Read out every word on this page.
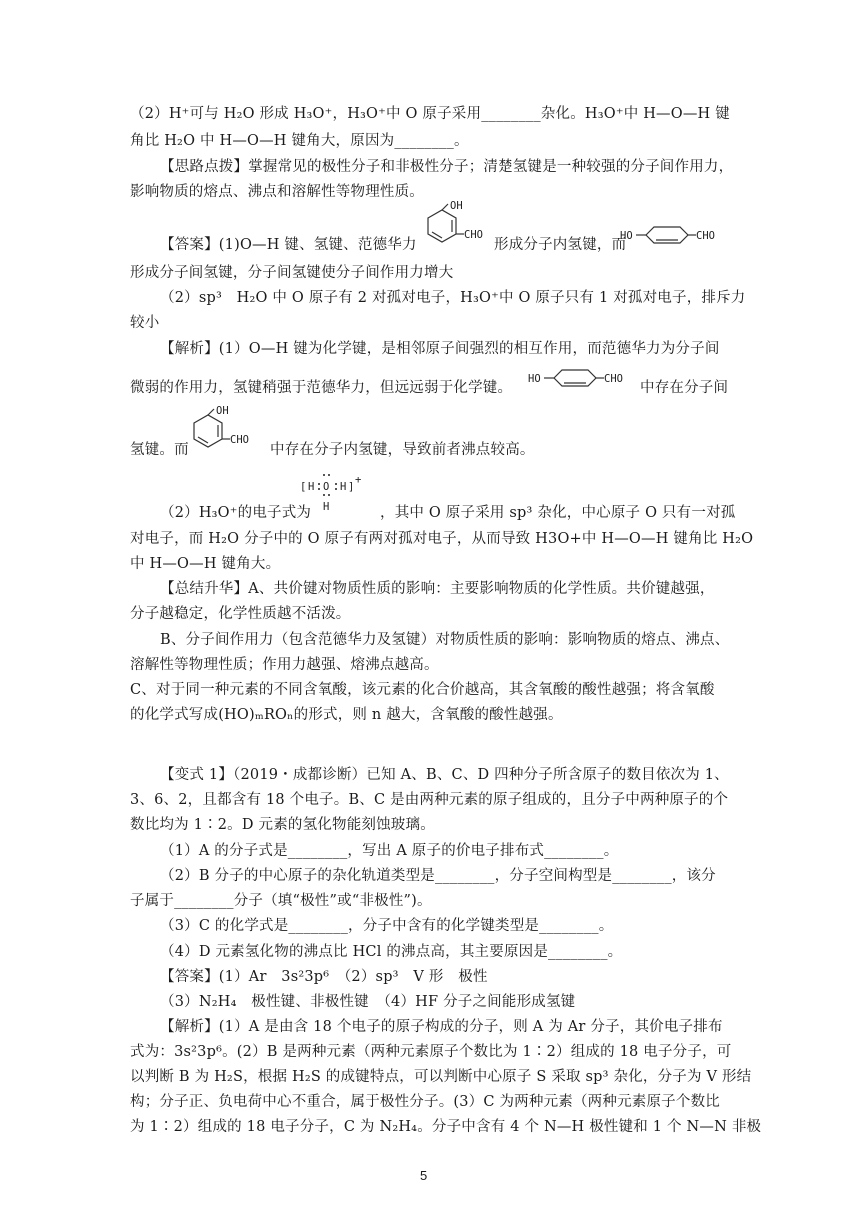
（2）H⁺可与 H₂O 形成 H₃O⁺，H₃O⁺中 O 原子采用________杂化。H₃O⁺中 H—O—H 键
角比 H₂O 中 H—O—H 键角大，原因为________。
【思路点拨】掌握常见的极性分子和非极性分子；清楚氢键是一种较强的分子间作用力，
影响物质的熔点、沸点和溶解性等物理性质。
【答案】(1)O—H 键、氢键、范德华力
OH
CHO
形成分子内氢键，而
HO	CHO
形成分子间氢键，分子间氢键使分子间作用力增大
（2）sp³　H₂O 中 O 原子有 2 对孤对电子，H₃O⁺中 O 原子只有 1 对孤对电子，排斥力
较小
【解析】(1）O—H 键为化学键，是相邻原子间强烈的相互作用，而范德华力为分子间
微弱的作用力，氢键稍强于范德华力，但远远弱于化学键。
HO	CHO
中存在分子间
氢键。而
OH
CHO
中存在分子内氢键，导致前者沸点较高。
（2）H₃O⁺的电子式为
[ H O H ]
+
H	，其中 O 原子采用 sp³ 杂化，中心原子 O 只有一对孤
对电子，而 H₂O 分子中的 O 原子有两对孤对电子，从而导致 H3O+中 H—O—H 键角比 H₂O
中 H—O—H 键角大。
【总结升华】A、共价键对物质性质的影响：主要影响物质的化学性质。共价键越强，
分子越稳定，化学性质越不活泼。
B、分子间作用力（包含范德华力及氢键）对物质性质的影响：影响物质的熔点、沸点、
溶解性等物理性质；作用力越强、熔沸点越高。
C、对于同一种元素的不同含氧酸，该元素的化合价越高，其含氧酸的酸性越强；将含氧酸
的化学式写成(HO)ₘROₙ的形式，则 n 越大，含氧酸的酸性越强。
【变式 1】（2019・成都诊断）已知 A、B、C、D 四种分子所含原子的数目依次为 1、
3、6、2，且都含有 18 个电子。B、C 是由两种元素的原子组成的，且分子中两种原子的个
数比均为 1∶2。D 元素的氢化物能刻蚀玻璃。
（1）A 的分子式是________，写出 A 原子的价电子排布式________。
（2）B 分子的中心原子的杂化轨道类型是________，分子空间构型是________，该分
子属于________分子（填“极性”或“非极性”)。
（3）C 的化学式是________，分子中含有的化学键类型是________。
（4）D 元素氢化物的沸点比 HCl 的沸点高，其主要原因是________。
【答案】(1）Ar　3s²3p⁶　（2）sp³　V 形　极性
（3）N₂H₄　极性键、非极性键　（4）HF 分子之间能形成氢键
【解析】(1）A 是由含 18 个电子的原子构成的分子，则 A 为 Ar 分子，其价电子排布
式为：3s²3p⁶。(2）B 是两种元素（两种元素原子个数比为 1∶2）组成的 18 电子分子，可
以判断 B 为 H₂S，根据 H₂S 的成键特点，可以判断中心原子 S 采取 sp³ 杂化，分子为 V 形结
构；分子正、负电荷中心不重合，属于极性分子。(3）C 为两种元素（两种元素原子个数比
为 1∶2）组成的 18 电子分子，C 为 N₂H₄。分子中含有 4 个 N—H 极性键和 1 个 N—N 非极
5
